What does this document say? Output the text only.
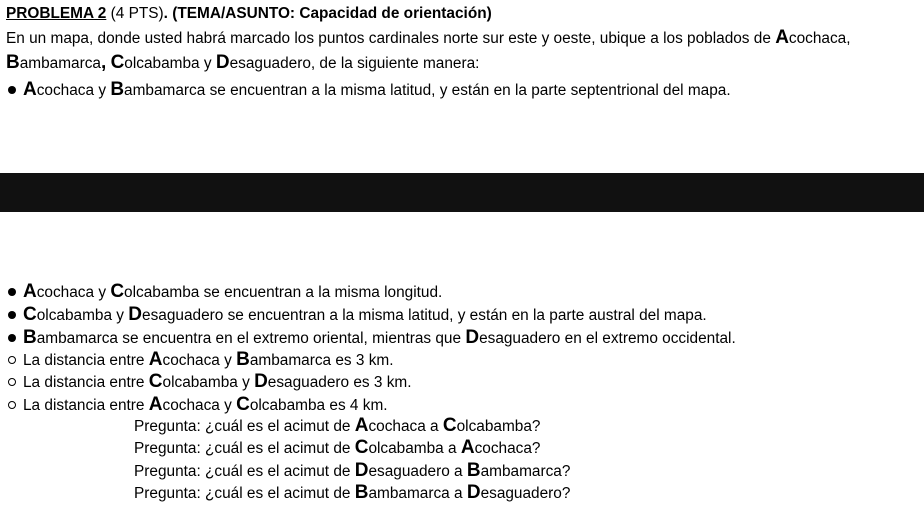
PROBLEMA 2 (4 PTS). (TEMA/ASUNTO: Capacidad de orientación)
En un mapa, donde usted habrá marcado los puntos cardinales norte sur este y oeste, ubique a los poblados de Acochaca,
Bambamarca, Colcabamba y Desaguadero, de la siguiente manera:
Acochaca y Bambamarca se encuentran a la misma latitud, y están en la parte septentrional del mapa.
Acochaca y Colcabamba se encuentran a la misma longitud.
Colcabamba y Desaguadero se encuentran a la misma latitud, y están en la parte austral del mapa.
Bambamarca se encuentra en el extremo oriental, mientras que Desaguadero en el extremo occidental.
La distancia entre Acochaca y Bambamarca es 3 km.
La distancia entre Colcabamba y Desaguadero es 3 km.
La distancia entre Acochaca y Colcabamba es 4 km.
Pregunta: ¿cuál es el acimut de Acochaca a Colcabamba?
Pregunta: ¿cuál es el acimut de Colcabamba a Acochaca?
Pregunta: ¿cuál es el acimut de Desaguadero a Bambamarca?
Pregunta: ¿cuál es el acimut de Bambamarca a Desaguadero?
